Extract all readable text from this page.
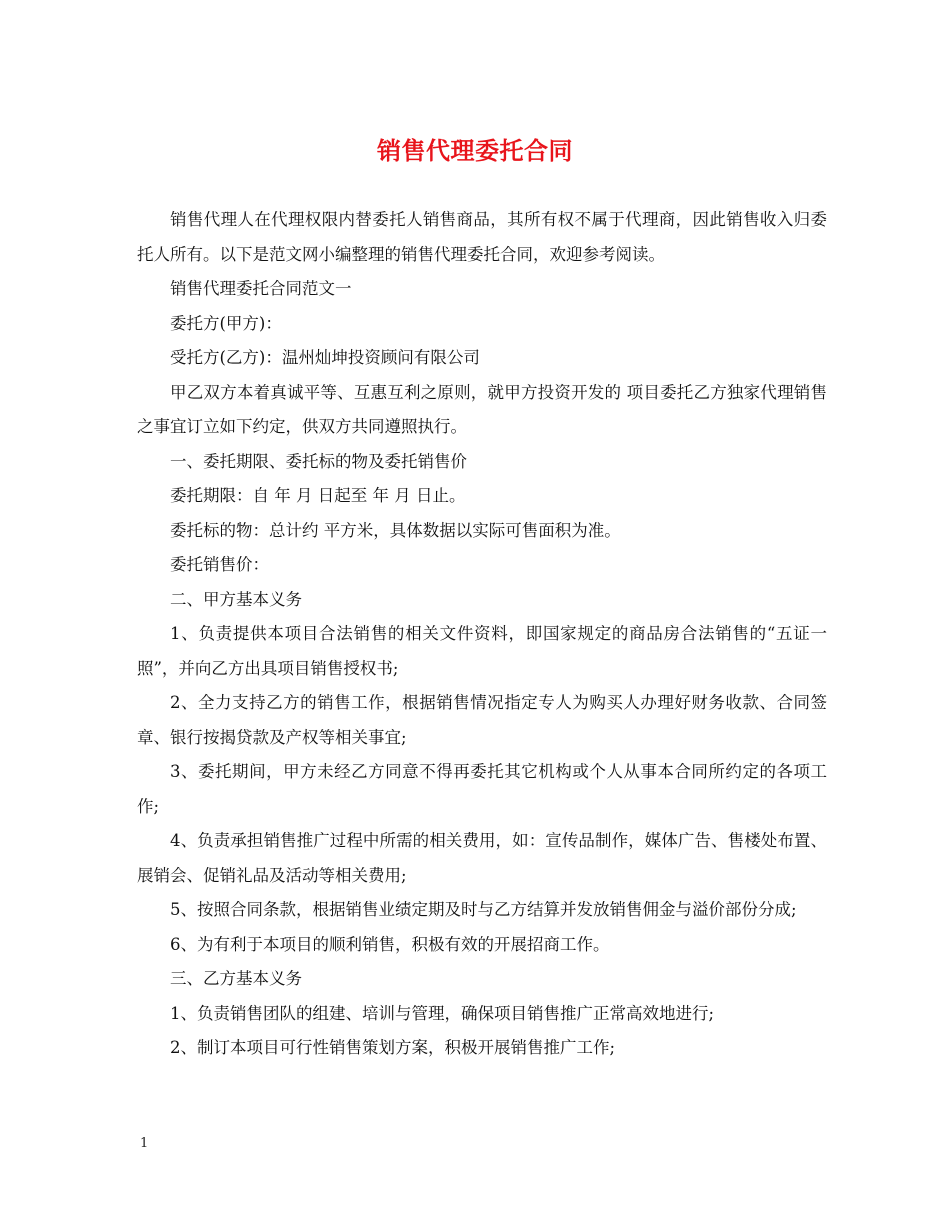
销售代理委托合同

销售代理人在代理权限内替委托人销售商品，其所有权不属于代理商，因此销售收入归委托人所有。以下是范文网小编整理的销售代理委托合同，欢迎参考阅读。

销售代理委托合同范文一

委托方(甲方)：

受托方(乙方)：温州灿坤投资顾问有限公司

甲乙双方本着真诚平等、互惠互利之原则，就甲方投资开发的 项目委托乙方独家代理销售之事宜订立如下约定，供双方共同遵照执行。

一、委托期限、委托标的物及委托销售价

委托期限：自 年 月 日起至 年 月 日止。

委托标的物：总计约 平方米，具体数据以实际可售面积为准。

委托销售价：

二、甲方基本义务

1、负责提供本项目合法销售的相关文件资料，即国家规定的商品房合法销售的“五证一照”，并向乙方出具项目销售授权书;

2、全力支持乙方的销售工作，根据销售情况指定专人为购买人办理好财务收款、合同签章、银行按揭贷款及产权等相关事宜;

3、委托期间，甲方未经乙方同意不得再委托其它机构或个人从事本合同所约定的各项工作;

4、负责承担销售推广过程中所需的相关费用，如：宣传品制作，媒体广告、售楼处布置、展销会、促销礼品及活动等相关费用;

5、按照合同条款，根据销售业绩定期及时与乙方结算并发放销售佣金与溢价部份分成;

6、为有利于本项目的顺利销售，积极有效的开展招商工作。

三、乙方基本义务

1、负责销售团队的组建、培训与管理，确保项目销售推广正常高效地进行;

2、制订本项目可行性销售策划方案，积极开展销售推广工作;

1
